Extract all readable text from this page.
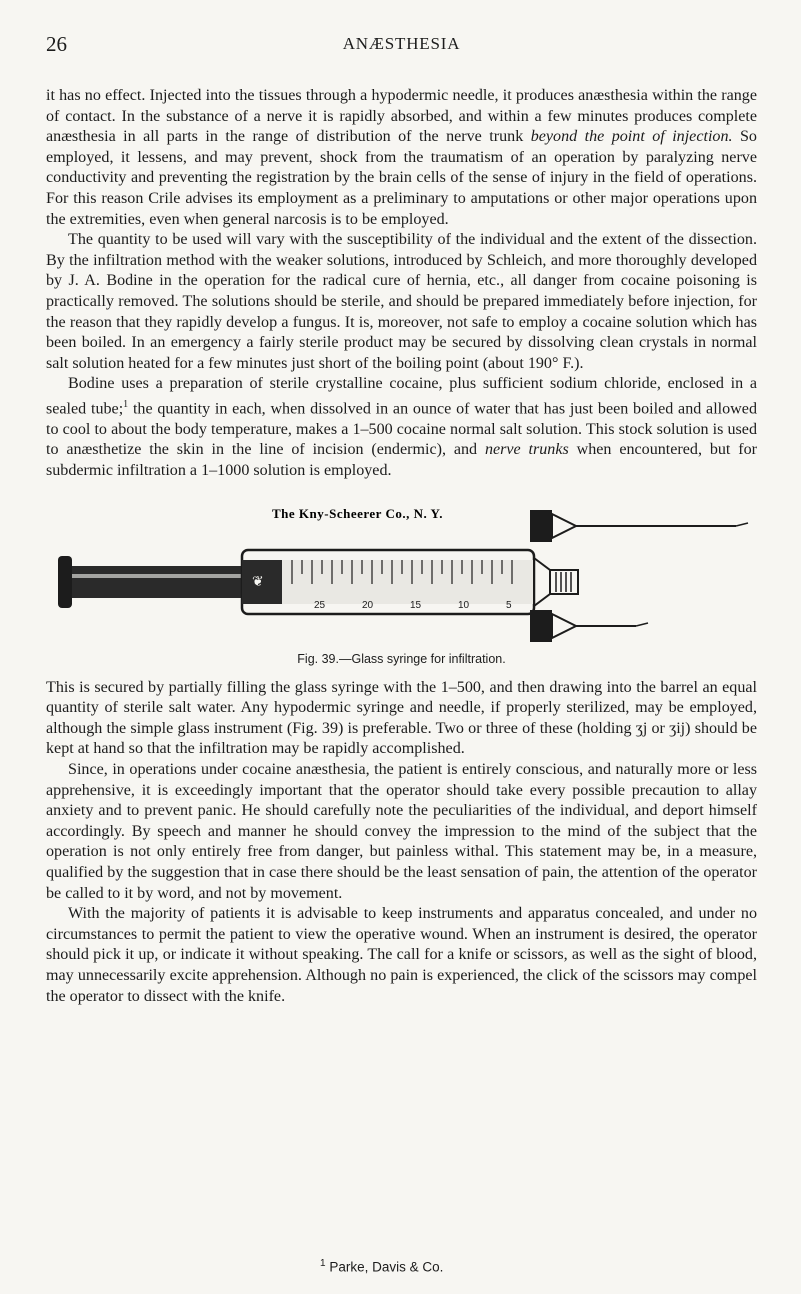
26	ANÆSTHESIA

it has no effect. Injected into the tissues through a hypodermic needle, it produces anæsthesia within the range of contact. In the substance of a nerve it is rapidly absorbed, and within a few minutes produces complete anæsthesia in all parts in the range of distribution of the nerve trunk beyond the point of injection. So employed, it lessens, and may prevent, shock from the traumatism of an operation by paralyzing nerve conductivity and preventing the registration by the brain cells of the sense of injury in the field of operations. For this reason Crile advises its employment as a preliminary to amputations or other major operations upon the extremities, even when general narcosis is to be employed.

The quantity to be used will vary with the susceptibility of the individual and the extent of the dissection. By the infiltration method with the weaker solutions, introduced by Schleich, and more thoroughly developed by J. A. Bodine in the operation for the radical cure of hernia, etc., all danger from cocaine poisoning is practically removed. The solutions should be sterile, and should be prepared immediately before injection, for the reason that they rapidly develop a fungus. It is, moreover, not safe to employ a cocaine solution which has been boiled. In an emergency a fairly sterile product may be secured by dissolving clean crystals in normal salt solution heated for a few minutes just short of the boiling point (about 190° F.).

Bodine uses a preparation of sterile crystalline cocaine, plus sufficient sodium chloride, enclosed in a sealed tube;$^1$ the quantity in each, when dissolved in an ounce of water that has just been boiled and allowed to cool to about the body temperature, makes a 1–500 cocaine normal salt solution. This stock solution is used to anæsthetize the skin in the line of incision (endermic), and nerve trunks when encountered, but for subdermic infiltration a 1–1000 solution is employed.

The Kny-Scheerer Co., N. Y.
❦
25	20	15	10	5
Fig. 39.—Glass syringe for infiltration.

This is secured by partially filling the glass syringe with the 1–500, and then drawing into the barrel an equal quantity of sterile salt water. Any hypodermic syringe and needle, if properly sterilized, may be employed, although the simple glass instrument (Fig. 39) is preferable. Two or three of these (holding ʒj or ʒij) should be kept at hand so that the infiltration may be rapidly accomplished.

Since, in operations under cocaine anæsthesia, the patient is entirely conscious, and naturally more or less apprehensive, it is exceedingly important that the operator should take every possible precaution to allay anxiety and to prevent panic. He should carefully note the peculiarities of the individual, and deport himself accordingly. By speech and manner he should convey the impression to the mind of the subject that the operation is not only entirely free from danger, but painless withal. This statement may be, in a measure, qualified by the suggestion that in case there should be the least sensation of pain, the attention of the operator be called to it by word, and not by movement.

With the majority of patients it is advisable to keep instruments and apparatus concealed, and under no circumstances to permit the patient to view the operative wound. When an instrument is desired, the operator should pick it up, or indicate it without speaking. The call for a knife or scissors, as well as the sight of blood, may unnecessarily excite apprehension. Although no pain is experienced, the click of the scissors may compel the operator to dissect with the knife.

$^1$ Parke, Davis & Co.
